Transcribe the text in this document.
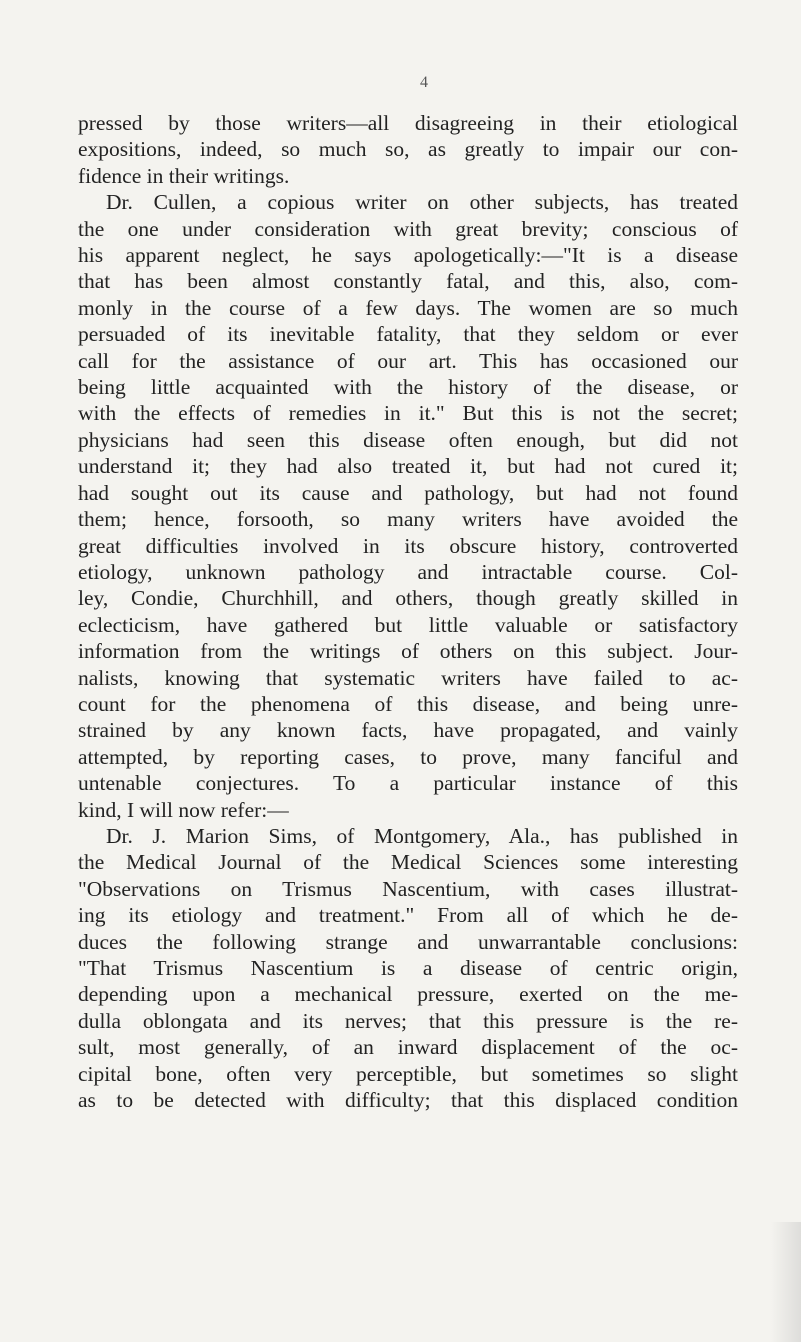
4
pressed by those writers—all disagreeing in their etiological
expositions, indeed, so much so, as greatly to impair our con-
fidence in their writings.
Dr. Cullen, a copious writer on other subjects, has treated
the one under consideration with great brevity; conscious of
his apparent neglect, he says apologetically:—"It is a disease
that has been almost constantly fatal, and this, also, com-
monly in the course of a few days. The women are so much
persuaded of its inevitable fatality, that they seldom or ever
call for the assistance of our art. This has occasioned our
being little acquainted with the history of the disease, or
with the effects of remedies in it." But this is not the secret;
physicians had seen this disease often enough, but did not
understand it; they had also treated it, but had not cured it;
had sought out its cause and pathology, but had not found
them; hence, forsooth, so many writers have avoided the
great difficulties involved in its obscure history, controverted
etiology, unknown pathology and intractable course. Col-
ley, Condie, Churchhill, and others, though greatly skilled in
eclecticism, have gathered but little valuable or satisfactory
information from the writings of others on this subject. Jour-
nalists, knowing that systematic writers have failed to ac-
count for the phenomena of this disease, and being unre-
strained by any known facts, have propagated, and vainly
attempted, by reporting cases, to prove, many fanciful and
untenable conjectures. To a particular instance of this
kind, I will now refer:—
Dr. J. Marion Sims, of Montgomery, Ala., has published in
the Medical Journal of the Medical Sciences some interesting
"Observations on Trismus Nascentium, with cases illustrat-
ing its etiology and treatment." From all of which he de-
duces the following strange and unwarrantable conclusions:
"That Trismus Nascentium is a disease of centric origin,
depending upon a mechanical pressure, exerted on the me-
dulla oblongata and its nerves; that this pressure is the re-
sult, most generally, of an inward displacement of the oc-
cipital bone, often very perceptible, but sometimes so slight
as to be detected with difficulty; that this displaced condition
